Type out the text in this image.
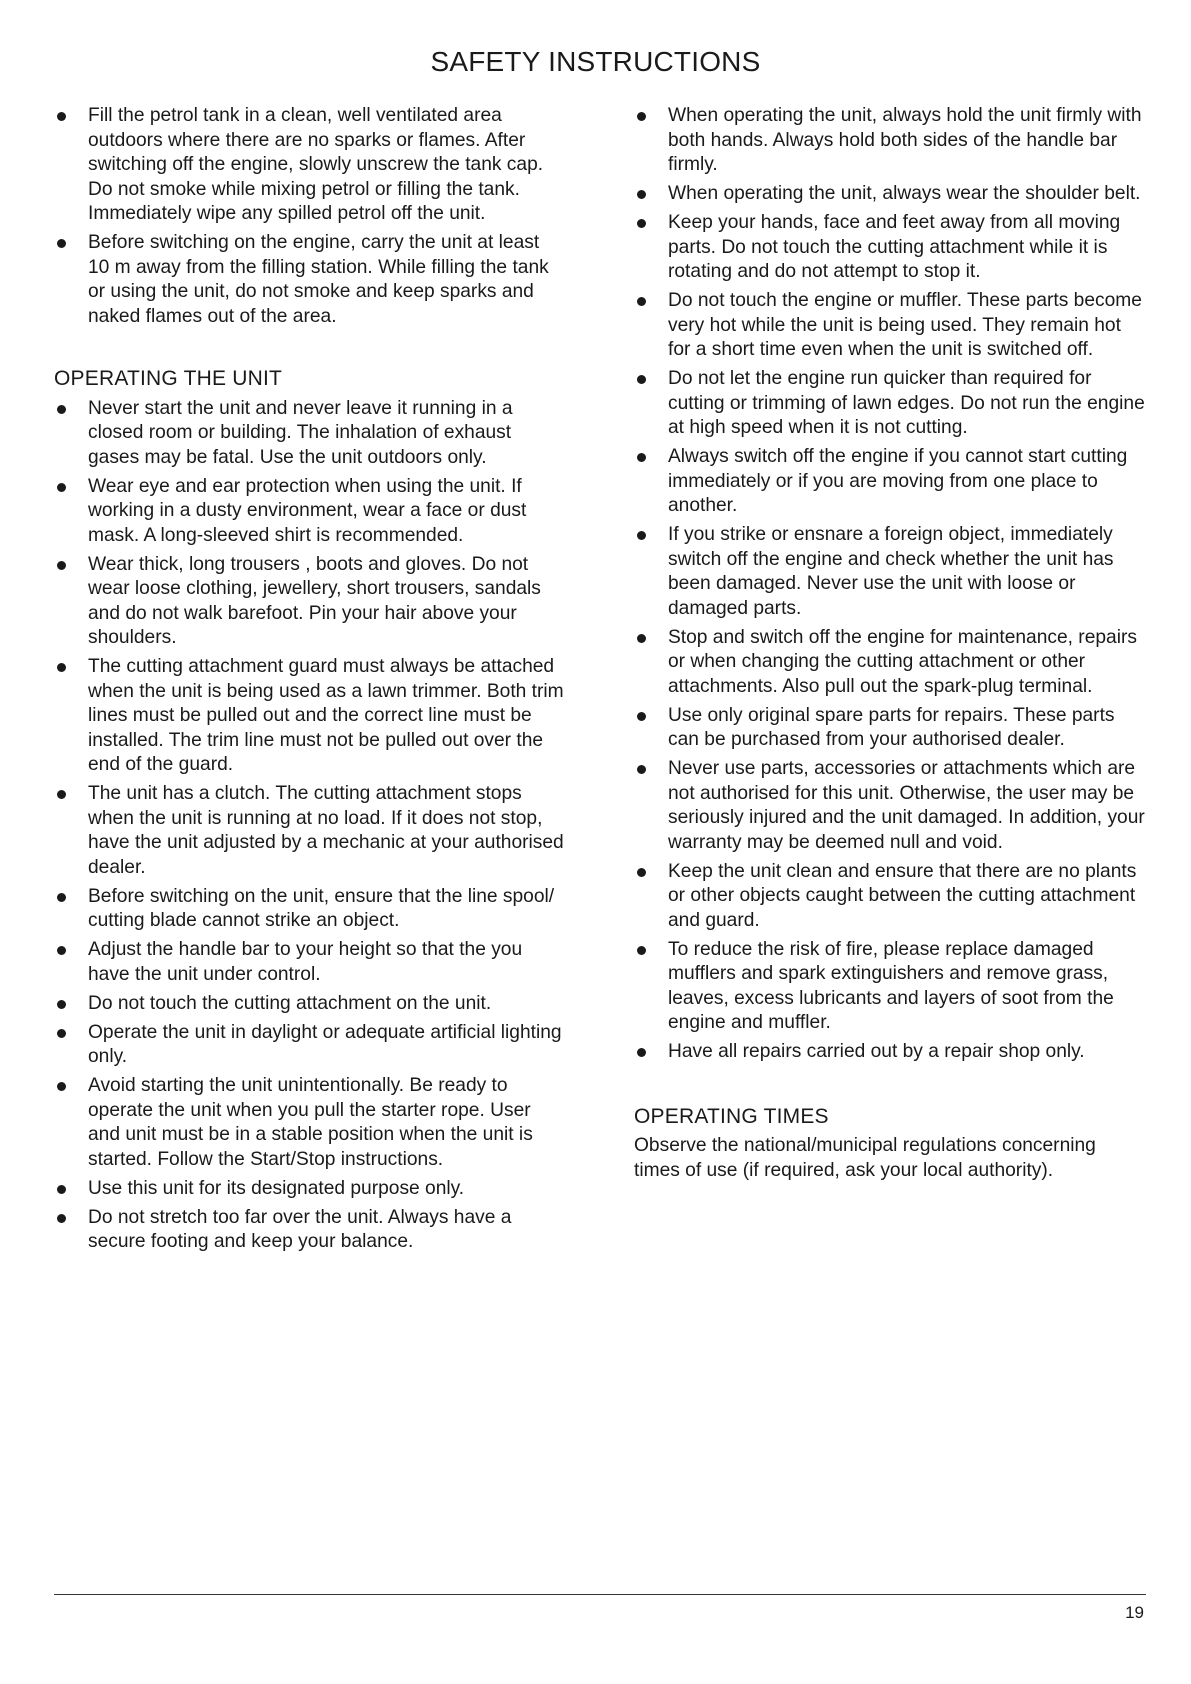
SAFETY INSTRUCTIONS
Fill the petrol tank in a clean, well ventilated area outdoors where there are no sparks or flames. After switching off the engine, slowly unscrew the tank cap. Do not smoke while mixing petrol or filling the tank. Immediately wipe any spilled petrol off the unit.
Before switching on the engine, carry the unit at least 10 m away from the filling station. While filling the tank or using the unit, do not smoke and keep sparks and naked flames out of the area.
OPERATING THE UNIT
Never start the unit and never leave it running in a closed room or building. The inhalation of exhaust gases may be fatal. Use the unit outdoors only.
Wear eye and ear protection when using the unit. If working in a dusty environment, wear a face or dust mask. A long-sleeved shirt is recommended.
Wear thick, long trousers , boots and gloves. Do not wear loose clothing, jewellery, short trousers, sandals and do not walk barefoot. Pin your hair above your shoulders.
The cutting attachment guard must always be attached when the unit is being used as a lawn trimmer. Both trim lines must be pulled out and the correct line must be installed. The trim line must not be pulled out over the end of the guard.
The unit has a clutch. The cutting attachment stops when the unit is running at no load. If it does not stop, have the unit adjusted by a mechanic at your authorised dealer.
Before switching on the unit, ensure that the line spool/ cutting blade cannot strike an object.
Adjust the handle bar to your height so that the you have the unit under control.
Do not touch the cutting attachment on the unit.
Operate the unit in daylight or adequate artificial lighting only.
Avoid starting the unit unintentionally. Be ready to operate the unit when you pull the starter rope. User and unit must be in a stable position when the unit is started. Follow the Start/Stop instructions.
Use this unit for its designated purpose only.
Do not stretch too far over the unit. Always have a secure footing and keep your balance.
When operating the unit, always hold the unit firmly with both hands. Always hold both sides of the handle bar firmly.
When operating the unit, always wear the shoulder belt.
Keep your hands, face and feet away from all moving parts. Do not touch the cutting attachment while it is rotating and do not attempt to stop it.
Do not touch the engine or muffler. These parts become very hot while the unit is being used. They remain hot for a short time even when the unit is switched off.
Do not let the engine run quicker than required for cutting or trimming of lawn edges. Do not run the engine at high speed when it is not cutting.
Always switch off the engine if you cannot start cutting immediately or if you are moving from one place to another.
If you strike or ensnare a foreign object, immediately switch off the engine and check whether the unit has been damaged. Never use the unit with loose or damaged parts.
Stop and switch off the engine for maintenance, repairs or when changing the cutting attachment or other attachments. Also pull out the spark-plug terminal.
Use only original spare parts for repairs. These parts can be purchased from your authorised dealer.
Never use parts, accessories or attachments which are not authorised for this unit. Otherwise, the user may be seriously injured and the unit damaged. In addition, your warranty may be deemed null and void.
Keep the unit clean and ensure that there are no plants or other objects caught between the cutting attachment and guard.
To reduce the risk of fire, please replace damaged mufflers and spark extinguishers and remove grass, leaves, excess lubricants and layers of soot from the engine and muffler.
Have all repairs carried out by a repair shop only.
OPERATING TIMES

Observe the national/municipal regulations concerning times of use (if required, ask your local authority).

19
